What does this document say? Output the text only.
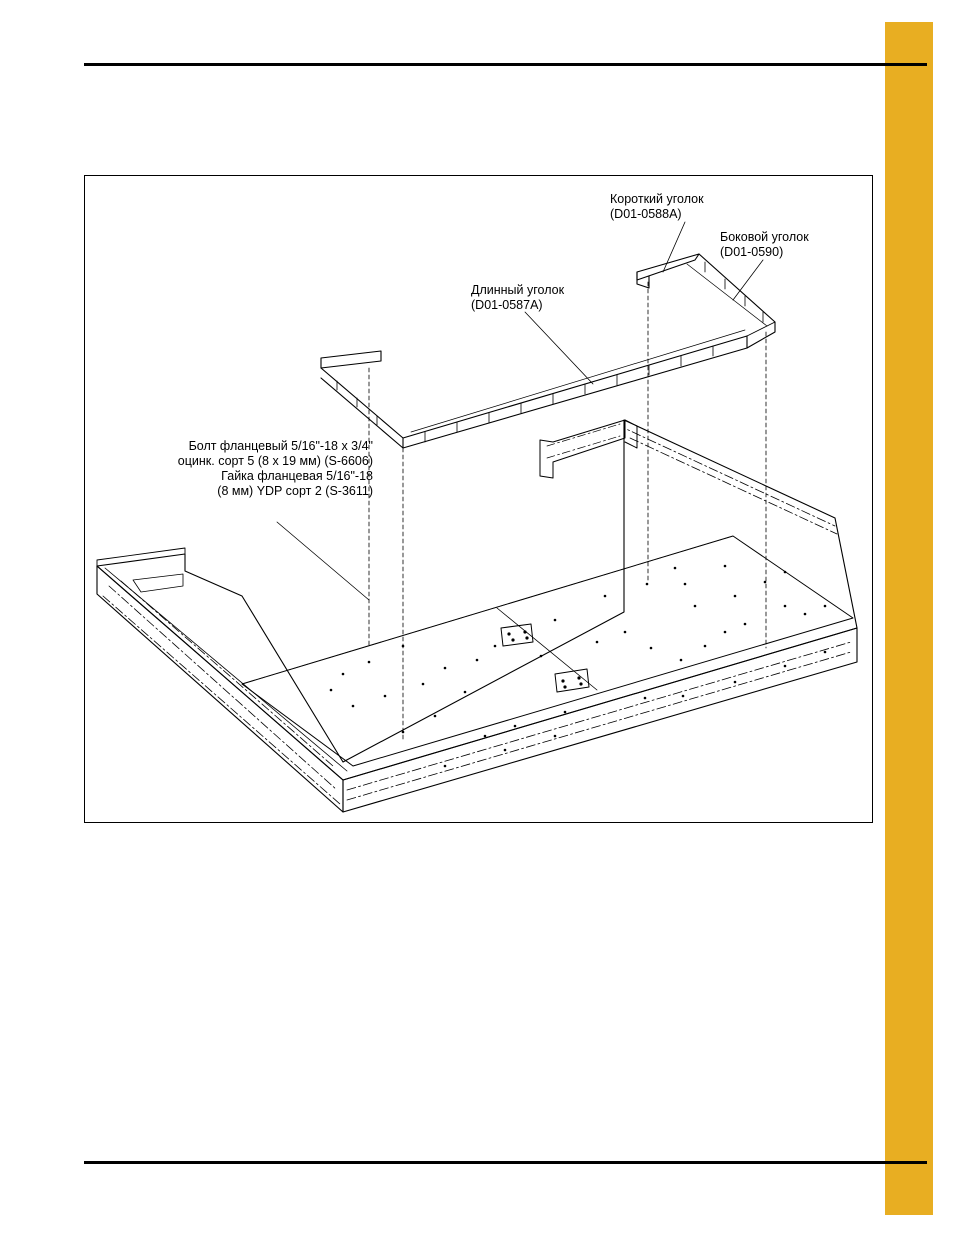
Короткий уголок
(D01-0588A)

Боковой уголок
(D01-0590)

Длинный уголок
(D01-0587A)

Болт фланцевый 5/16"-18 x 3/4"
оцинк. сорт 5 (8 x 19 мм) (S-6606)
Гайка фланцевая 5/16"-18
(8 мм) YDP сорт 2 (S-3611)
